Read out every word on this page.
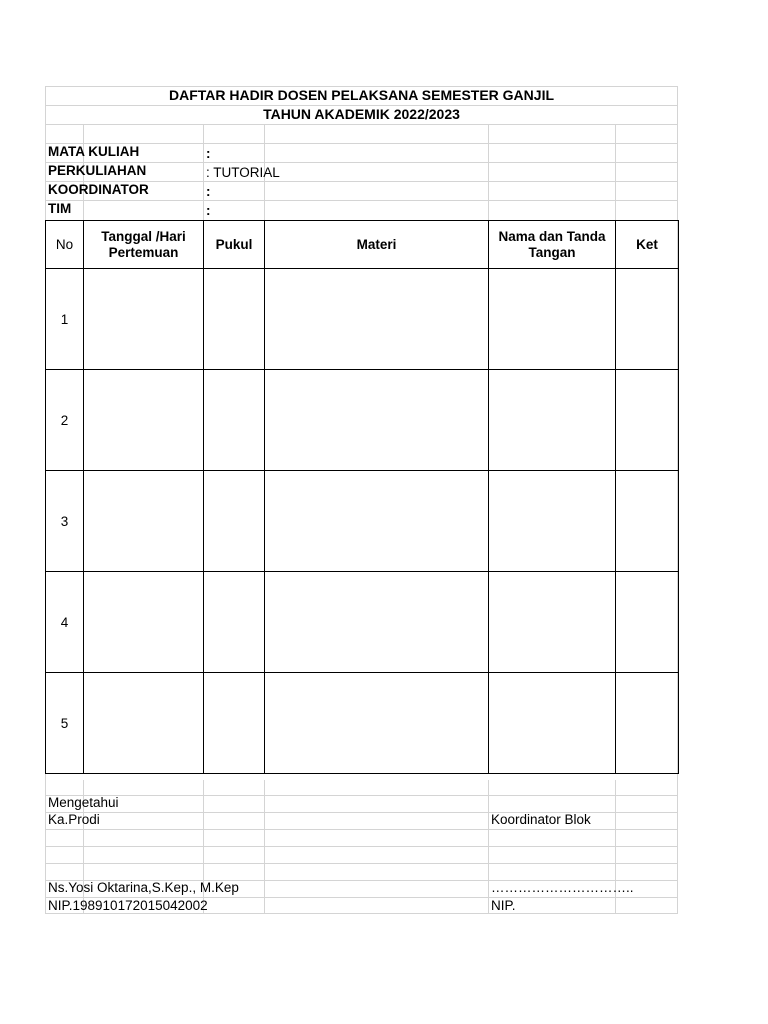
DAFTAR HADIR DOSEN PELAKSANA SEMESTER GANJIL
TAHUN AKADEMIK 2022/2023
MATA KULIAH	:
PERKULIAHAN	: TUTORIAL
KOORDINATOR	:
TIM	:
No	Tanggal /Hari Pertemuan	Pukul	Materi	Nama dan Tanda Tangan	Ket
1					
2					
3					
4					
5					
Mengetahui
Ka.Prodi	Koordinator Blok
Ns.Yosi Oktarina,S.Kep., M.Kep	…………………………..
NIP.198910172015042002	NIP.
